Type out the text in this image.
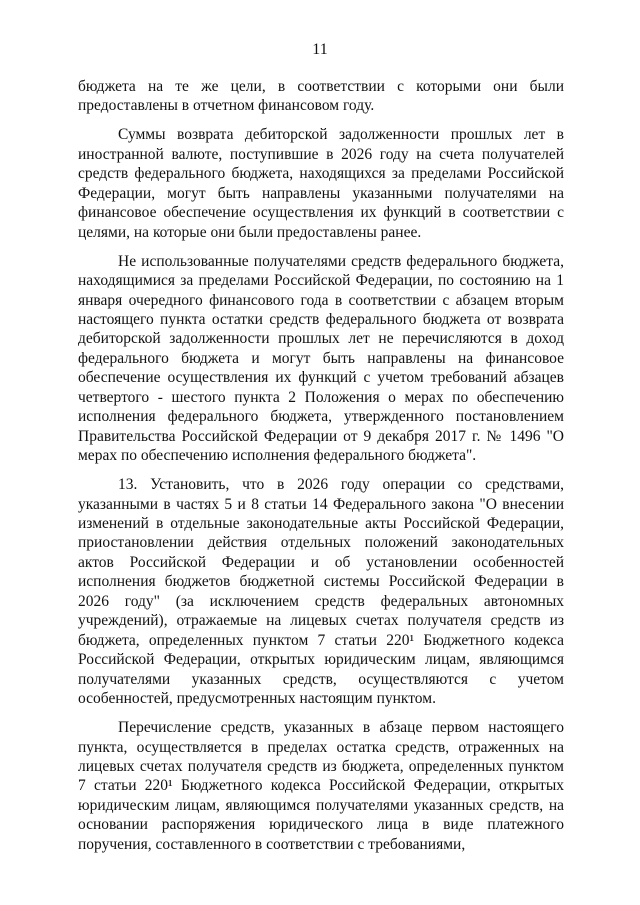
11

бюджета на те же цели, в соответствии с которыми они были предоставлены в отчетном финансовом году.

Суммы возврата дебиторской задолженности прошлых лет в иностранной валюте, поступившие в 2026 году на счета получателей средств федерального бюджета, находящихся за пределами Российской Федерации, могут быть направлены указанными получателями на финансовое обеспечение осуществления их функций в соответствии с целями, на которые они были предоставлены ранее.

Не использованные получателями средств федерального бюджета, находящимися за пределами Российской Федерации, по состоянию на 1 января очередного финансового года в соответствии с абзацем вторым настоящего пункта остатки средств федерального бюджета от возврата дебиторской задолженности прошлых лет не перечисляются в доход федерального бюджета и могут быть направлены на финансовое обеспечение осуществления их функций с учетом требований абзацев четвертого - шестого пункта 2 Положения о мерах по обеспечению исполнения федерального бюджета, утвержденного постановлением Правительства Российской Федерации от 9 декабря 2017 г. № 1496 "О мерах по обеспечению исполнения федерального бюджета".

13. Установить, что в 2026 году операции со средствами, указанными в частях 5 и 8 статьи 14 Федерального закона "О внесении изменений в отдельные законодательные акты Российской Федерации, приостановлении действия отдельных положений законодательных актов Российской Федерации и об установлении особенностей исполнения бюджетов бюджетной системы Российской Федерации в 2026 году" (за исключением средств федеральных автономных учреждений), отражаемые на лицевых счетах получателя средств из бюджета, определенных пунктом 7 статьи 220¹ Бюджетного кодекса Российской Федерации, открытых юридическим лицам, являющимся получателями указанных средств, осуществляются с учетом особенностей, предусмотренных настоящим пунктом.

Перечисление средств, указанных в абзаце первом настоящего пункта, осуществляется в пределах остатка средств, отраженных на лицевых счетах получателя средств из бюджета, определенных пунктом 7 статьи 220¹ Бюджетного кодекса Российской Федерации, открытых юридическим лицам, являющимся получателями указанных средств, на основании распоряжения юридического лица в виде платежного поручения, составленного в соответствии с требованиями,
